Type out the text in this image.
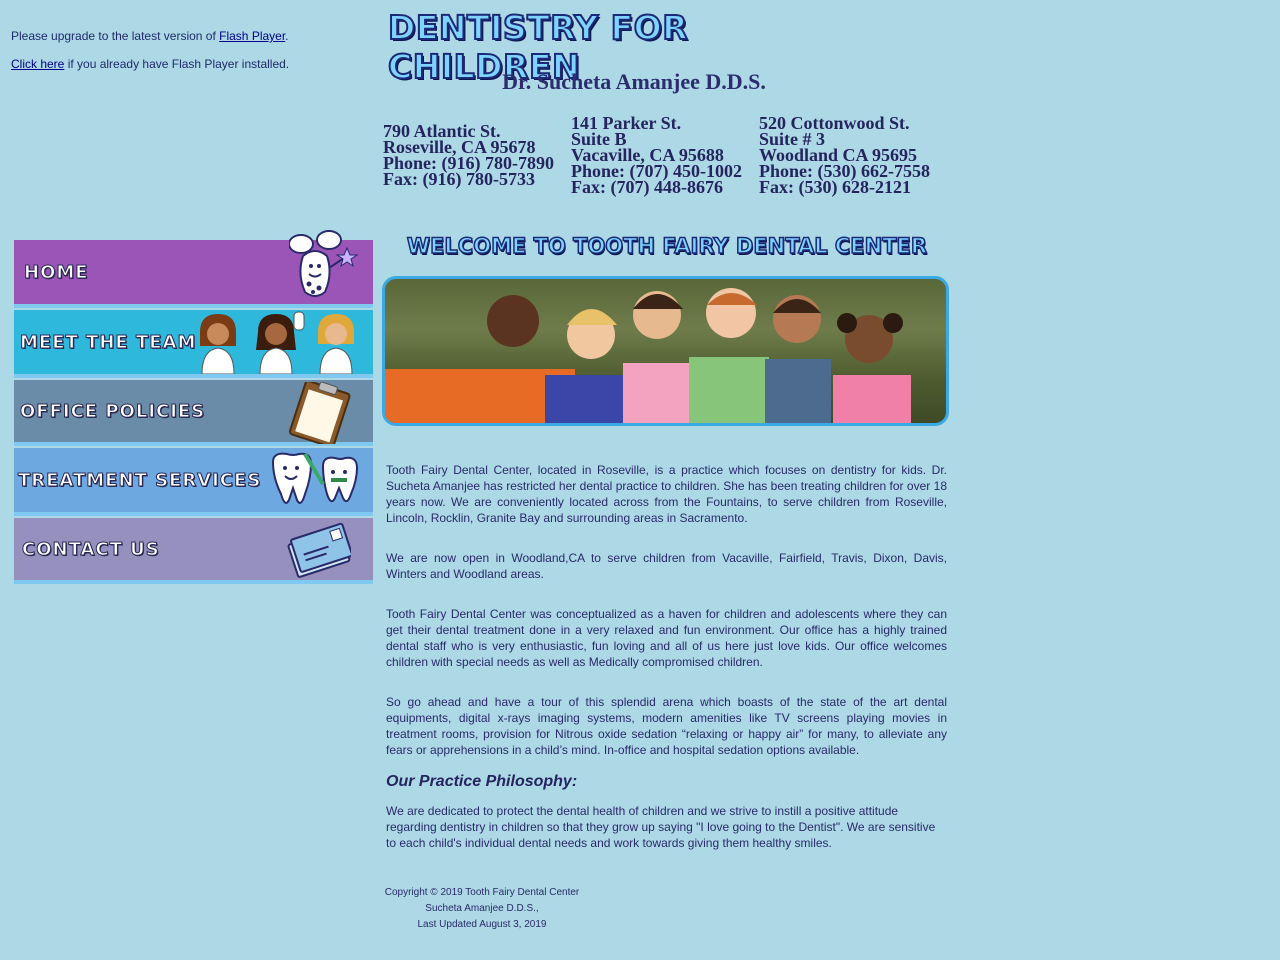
Please upgrade to the latest version of Flash Player.

Click here if you already have Flash Player installed.

DENTISTRY FOR CHILDREN
Dr. Sucheta Amanjee D.D.S.
790 Atlantic St.
Roseville, CA 95678
Phone: (916) 780-7890
Fax: (916) 780-5733
141 Parker St.
Suite B
Vacaville, CA 95688
Phone: (707) 450-1002
Fax: (707) 448-8676
520 Cottonwood St.
Suite # 3
Woodland CA 95695
Phone: (530) 662-7558
Fax: (530) 628-2121
HOME
MEET THE TEAM
OFFICE POLICIES
TREATMENT SERVICES
CONTACT US
WELCOME TO TOOTH FAIRY DENTAL CENTER

Tooth Fairy Dental Center, located in Roseville, is a practice which focuses on dentistry for kids. Dr. Sucheta Amanjee has restricted her dental practice to children. She has been treating children for over 18 years now. We are conveniently located across from the Fountains, to serve children from Roseville, Lincoln, Rocklin, Granite Bay and surrounding areas in Sacramento.

We are now open in Woodland,CA to serve children from Vacaville, Fairfield, Travis, Dixon, Davis, Winters and Woodland areas.

Tooth Fairy Dental Center was conceptualized as a haven for children and adolescents where they can get their dental treatment done in a very relaxed and fun environment. Our office has a highly trained dental staff who is very enthusiastic, fun loving and all of us here just love kids. Our office welcomes children with special needs as well as Medically compromised children.

So go ahead and have a tour of this splendid arena which boasts of the state of the art dental equipments, digital x-rays imaging systems, modern amenities like TV screens playing movies in treatment rooms, provision for Nitrous oxide sedation “relaxing or happy air” for many, to alleviate any fears or apprehensions in a child’s mind. In-office and hospital sedation options available.

Our Practice Philosophy:

We are dedicated to protect the dental health of children and we strive to instill a positive attitude regarding dentistry in children so that they grow up saying "I love going to the Dentist". We are sensitive to each child's individual dental needs and work towards giving them healthy smiles.

Copyright © 2019 Tooth Fairy Dental Center
Sucheta Amanjee D.D.S.,
Last Updated August 3, 2019
